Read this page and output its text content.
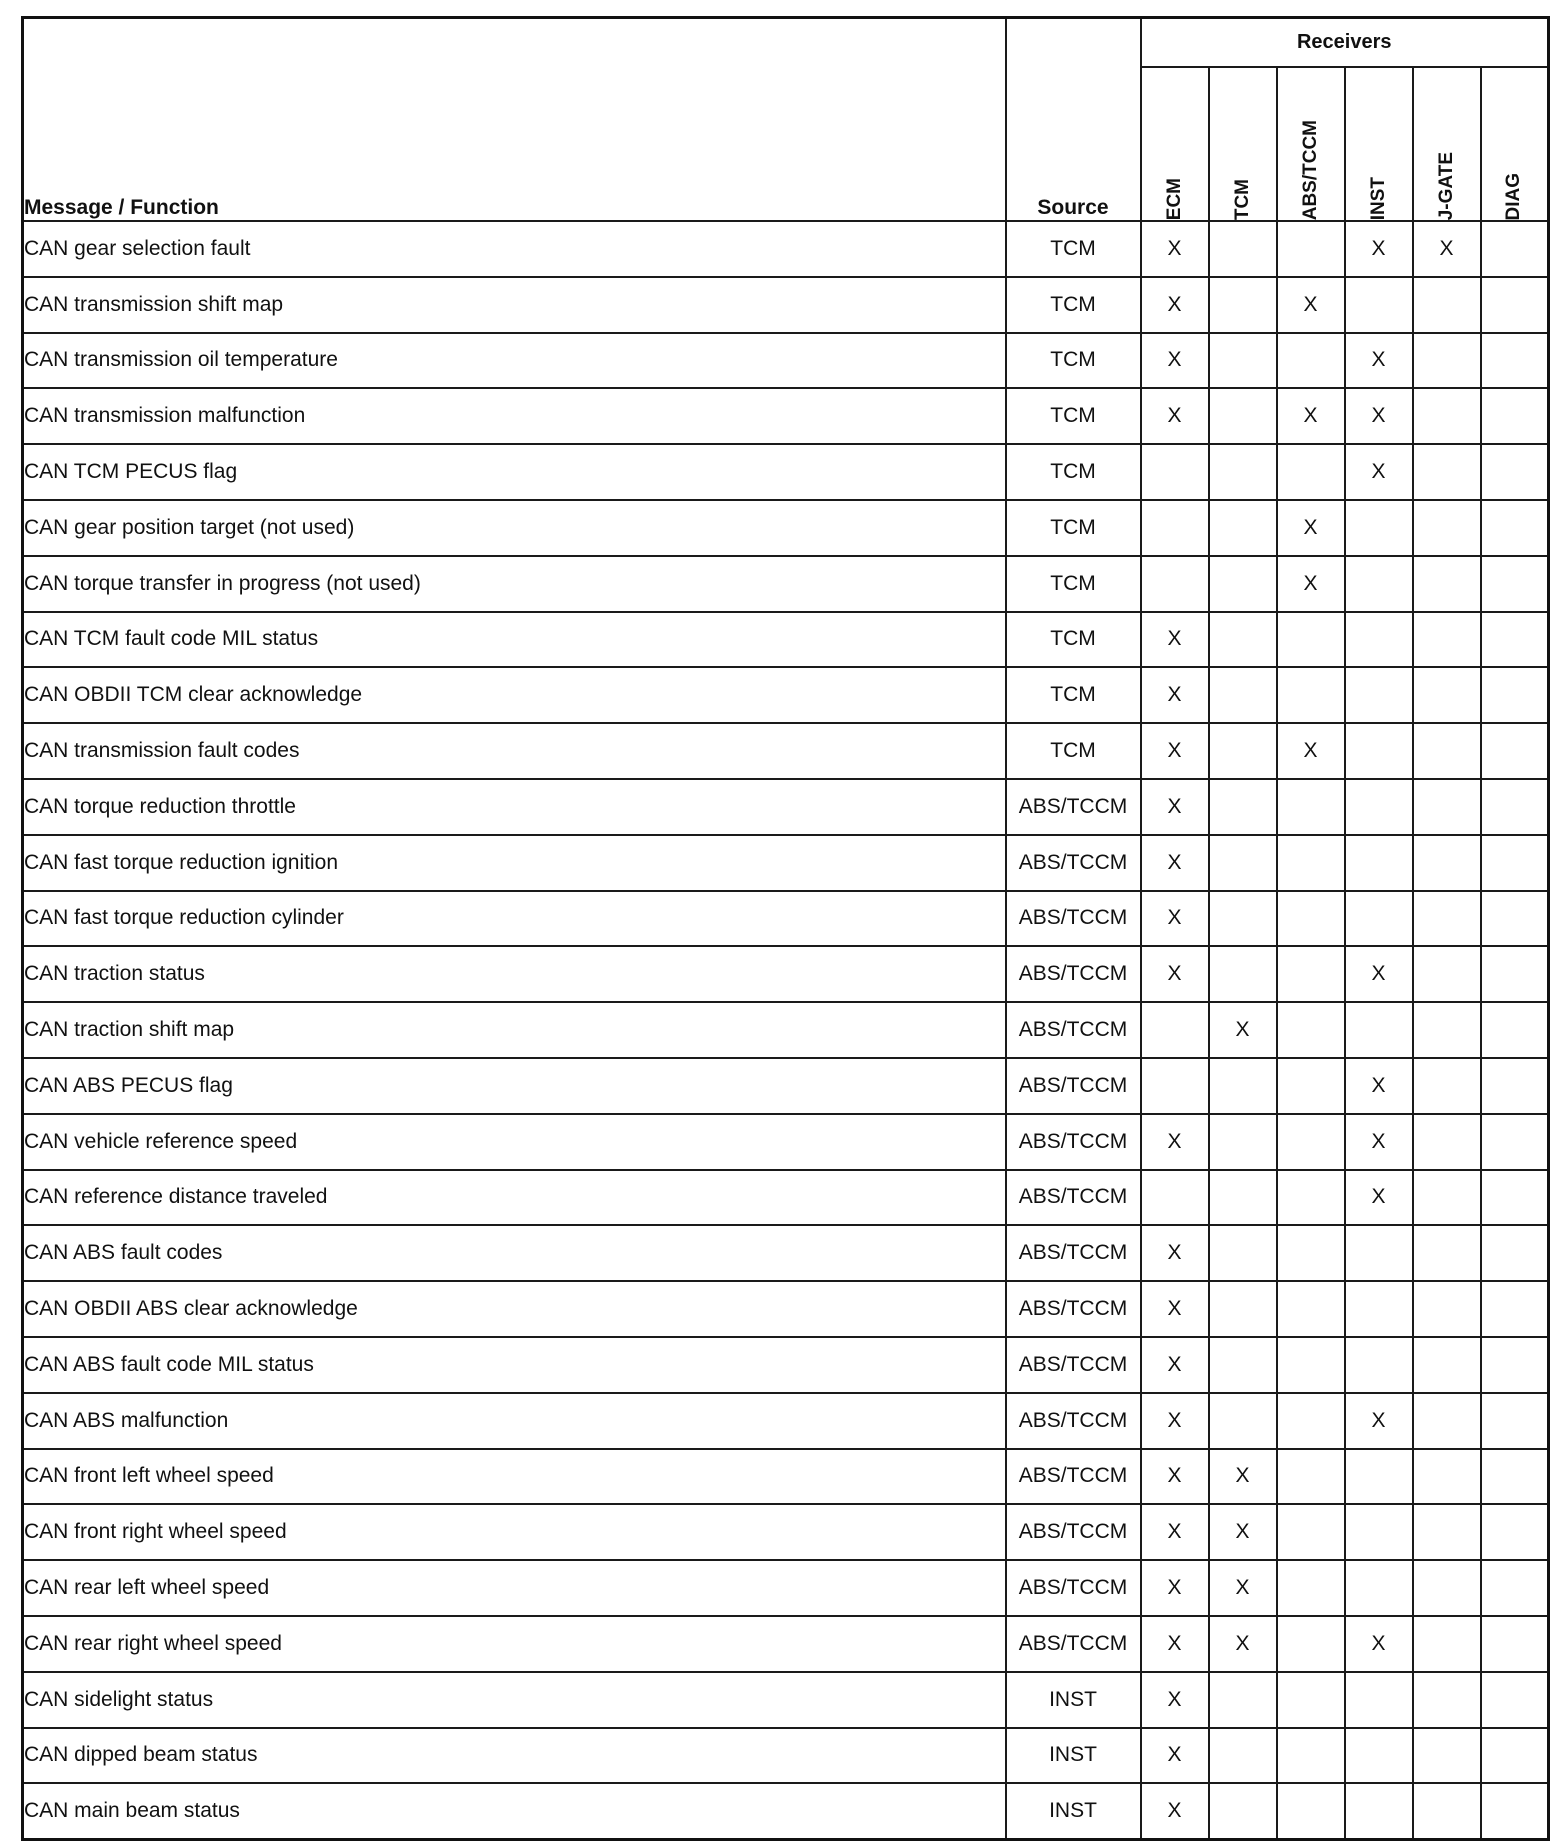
Message / Function	Source	Receivers					

		ECM	TCM	ABS/TCCM	INST	J-GATE	DIAG

CAN gear selection fault	TCM	X			X	X	
CAN transmission shift map	TCM	X		X			
CAN transmission oil temperature	TCM	X			X		
CAN transmission malfunction	TCM	X		X	X		
CAN TCM PECUS flag	TCM				X		
CAN gear position target (not used)	TCM			X			
CAN torque transfer in progress (not used)	TCM			X			
CAN TCM fault code MIL status	TCM	X					
CAN OBDII TCM clear acknowledge	TCM	X					
CAN transmission fault codes	TCM	X		X			
CAN torque reduction throttle	ABS/TCCM	X					
CAN fast torque reduction ignition	ABS/TCCM	X					
CAN fast torque reduction cylinder	ABS/TCCM	X					
CAN traction status	ABS/TCCM	X			X		
CAN traction shift map	ABS/TCCM		X				
CAN ABS PECUS flag	ABS/TCCM				X		
CAN vehicle reference speed	ABS/TCCM	X			X		
CAN reference distance traveled	ABS/TCCM				X		
CAN ABS fault codes	ABS/TCCM	X					
CAN OBDII ABS clear acknowledge	ABS/TCCM	X					
CAN ABS fault code MIL status	ABS/TCCM	X					
CAN ABS malfunction	ABS/TCCM	X			X		
CAN front left wheel speed	ABS/TCCM	X	X				
CAN front right wheel speed	ABS/TCCM	X	X				
CAN rear left wheel speed	ABS/TCCM	X	X				
CAN rear right wheel speed	ABS/TCCM	X	X		X		
CAN sidelight status	INST	X					
CAN dipped beam status	INST	X					
CAN main beam status	INST	X					
